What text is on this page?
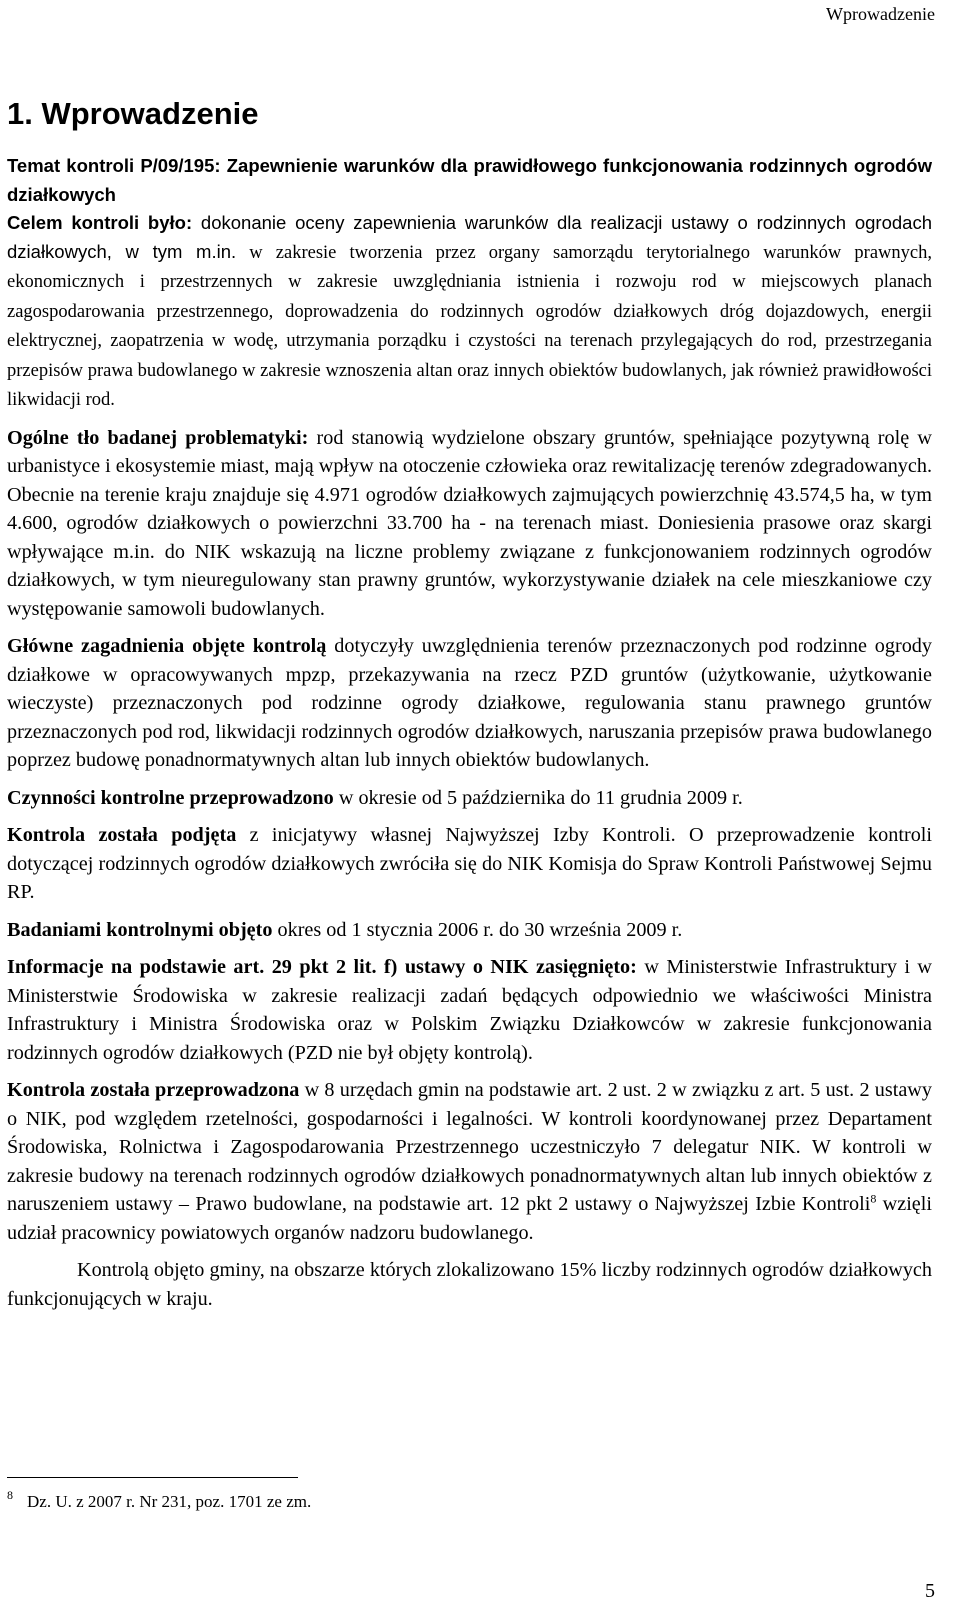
Wprowadzenie
1. Wprowadzenie

Temat kontroli P/09/195: Zapewnienie warunków dla prawidłowego funkcjonowania rodzinnych ogrodów działkowych

Celem kontroli było: dokonanie oceny zapewnienia warunków dla realizacji ustawy o rodzinnych ogrodach działkowych, w tym m.in. w zakresie tworzenia przez organy samorządu terytorialnego warunków prawnych, ekonomicznych i przestrzennych w zakresie uwzględniania istnienia i rozwoju rod w miejscowych planach zagospodarowania przestrzennego, doprowadzenia do rodzinnych ogrodów działkowych dróg dojazdowych, energii elektrycznej, zaopatrzenia w wodę, utrzymania porządku i czystości na terenach przylegających do rod, przestrzegania przepisów prawa budowlanego w zakresie wznoszenia altan oraz innych obiektów budowlanych, jak również prawidłowości likwidacji rod.

Ogólne tło badanej problematyki: rod stanowią wydzielone obszary gruntów, spełniające pozytywną rolę w urbanistyce i ekosystemie miast, mają wpływ na otoczenie człowieka oraz rewitalizację terenów zdegradowanych. Obecnie na terenie kraju znajduje się 4.971 ogrodów działkowych zajmujących powierzchnię 43.574,5 ha, w tym 4.600, ogrodów działkowych o powierzchni 33.700 ha - na terenach miast. Doniesienia prasowe oraz skargi wpływające m.in. do NIK wskazują na liczne problemy związane z funkcjonowaniem rodzinnych ogrodów działkowych, w tym nieuregulowany stan prawny gruntów, wykorzystywanie działek na cele mieszkaniowe czy występowanie samowoli budowlanych.

Główne zagadnienia objęte kontrolą dotyczyły uwzględnienia terenów przeznaczonych pod rodzinne ogrody działkowe w opracowywanych mpzp, przekazywania na rzecz PZD gruntów (użytkowanie, użytkowanie wieczyste) przeznaczonych pod rodzinne ogrody działkowe, regulowania stanu prawnego gruntów przeznaczonych pod rod, likwidacji rodzinnych ogrodów działkowych, naruszania przepisów prawa budowlanego poprzez budowę ponadnormatywnych altan lub innych obiektów budowlanych.

Czynności kontrolne przeprowadzono w okresie od 5 października do 11 grudnia 2009 r.

Kontrola została podjęta z inicjatywy własnej Najwyższej Izby Kontroli. O przeprowadzenie kontroli dotyczącej rodzinnych ogrodów działkowych zwróciła się do NIK Komisja do Spraw Kontroli Państwowej Sejmu RP.

Badaniami kontrolnymi objęto okres od 1 stycznia 2006 r. do 30 września 2009 r.

Informacje na podstawie art. 29 pkt 2 lit. f) ustawy o NIK zasięgnięto: w Ministerstwie Infrastruktury i w Ministerstwie Środowiska w zakresie realizacji zadań będących odpowiednio we właściwości Ministra Infrastruktury i Ministra Środowiska oraz w Polskim Związku Działkowców w zakresie funkcjonowania rodzinnych ogrodów działkowych (PZD nie był objęty kontrolą).

Kontrola została przeprowadzona w 8 urzędach gmin na podstawie art. 2 ust. 2 w związku z art. 5 ust. 2 ustawy o NIK, pod względem rzetelności, gospodarności i legalności. W kontroli koordynowanej przez Departament Środowiska, Rolnictwa i Zagospodarowania Przestrzennego uczestniczyło 7 delegatur NIK. W kontroli w zakresie budowy na terenach rodzinnych ogrodów działkowych ponadnormatywnych altan lub innych obiektów z naruszeniem ustawy – Prawo budowlane, na podstawie art. 12 pkt 2 ustawy o Najwyższej Izbie Kontroli$^8$ wzięli udział pracownicy powiatowych organów nadzoru budowlanego.

Kontrolą objęto gminy, na obszarze których zlokalizowano 15% liczby rodzinnych ogrodów działkowych funkcjonujących w kraju.

$^8$ Dz. U. z 2007 r. Nr 231, poz. 1701 ze zm.
5
